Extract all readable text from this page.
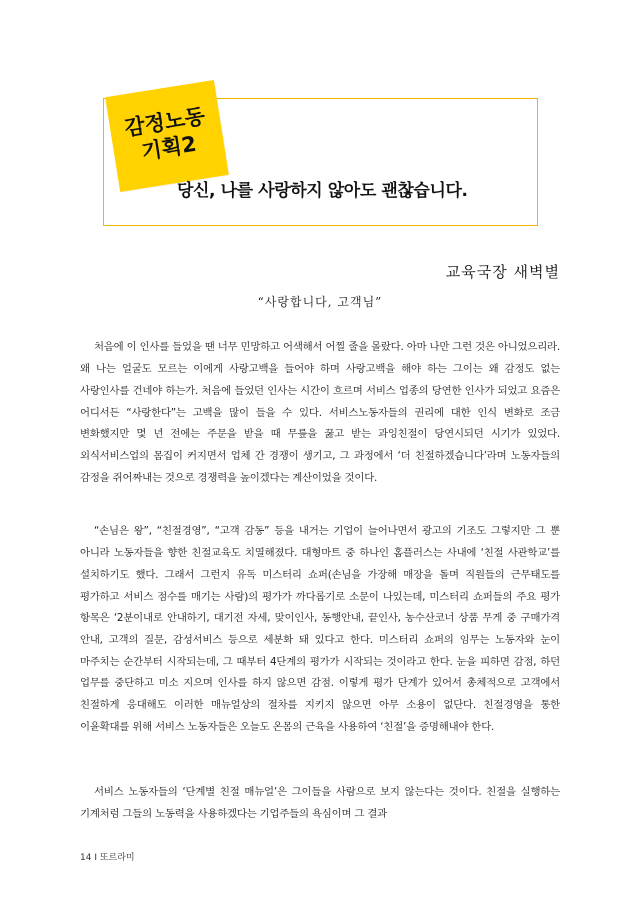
감정노동
기획2
당신, 나를 사랑하지 않아도 괜찮습니다.
교육국장 새벽별
“사랑합니다, 고객님”

처음에 이 인사를 들었을 땐 너무 민망하고 어색해서 어찔 줄을 몰랐다. 아마 나만 그런 것은 아니었으리라. 왜 나는 얼굴도 모르는 이에게 사랑고백을 들어야 하며 사랑고백을 해야 하는 그이는 왜 감정도 없는 사랑인사를 건네야 하는가. 처음에 들었던 인사는 시간이 흐르며 서비스 업종의 당연한 인사가 되었고 요즘은 어디서든 “사랑한다”는 고백을 많이 들을 수 있다. 서비스노동자들의 권리에 대한 인식 변화로 조금 변화했지만 몇 년 전에는 주문을 받을 때 무릎을 꿇고 받는 과잉친절이 당연시되던 시기가 있었다. 외식서비스업의 몸집이 커지면서 업체 간 경쟁이 생기고, 그 과정에서 ‘더 친절하겠습니다’라며 노동자들의 감정을 쥐어짜내는 것으로 경쟁력을 높이겠다는 계산이었을 것이다.

“손님은 왕”, “친절경영”, “고객 감동” 등을 내거는 기업이 늘어나면서 광고의 기조도 그렇지만 그 뿐 아니라 노동자들을 향한 친절교육도 치열해졌다. 대형마트 중 하나인 홈플러스는 사내에 ‘친절 사관학교’를 설치하기도 했다. 그래서 그런지 유독 미스터리 쇼퍼(손님을 가장해 매장을 돌며 직원들의 근무태도를 평가하고 서비스 점수를 매기는 사람)의 평가가 까다롭기로 소문이 나있는데, 미스터리 쇼퍼들의 주요 평가 항목은 ‘2분이내로 안내하기, 대기전 자세, 맞이인사, 동행안내, 끝인사, 농수산코너 상품 무게 중 구매가격 안내, 고객의 질문, 감성서비스 등으로 세분화 돼 있다고 한다. 미스터리 쇼퍼의 임무는 노동자와 눈이 마주치는 순간부터 시작되는데, 그 때부터 4단계의 평가가 시작되는 것이라고 한다. 눈을 피하면 감점, 하던 업무를 중단하고 미소 지으며 인사를 하지 않으면 감점. 이렇게 평가 단계가 있어서 총체적으로 고객에서 친절하게 응대해도 이러한 매뉴얼상의 절차를 지키지 않으면 아무 소용이 없단다. 친절경영을 통한 이윤확대를 위해 서비스 노동자들은 오늘도 온몸의 근육을 사용하여 ‘친절’을 증명해내야 한다.

서비스 노동자들의 ‘단계별 친절 매뉴얼’은 그이들을 사람으로 보지 않는다는 것이다. 친절을 실행하는 기계처럼 그들의 노동력을 사용하겠다는 기업주들의 욕심이며 그 결과

14 I 또르라미
